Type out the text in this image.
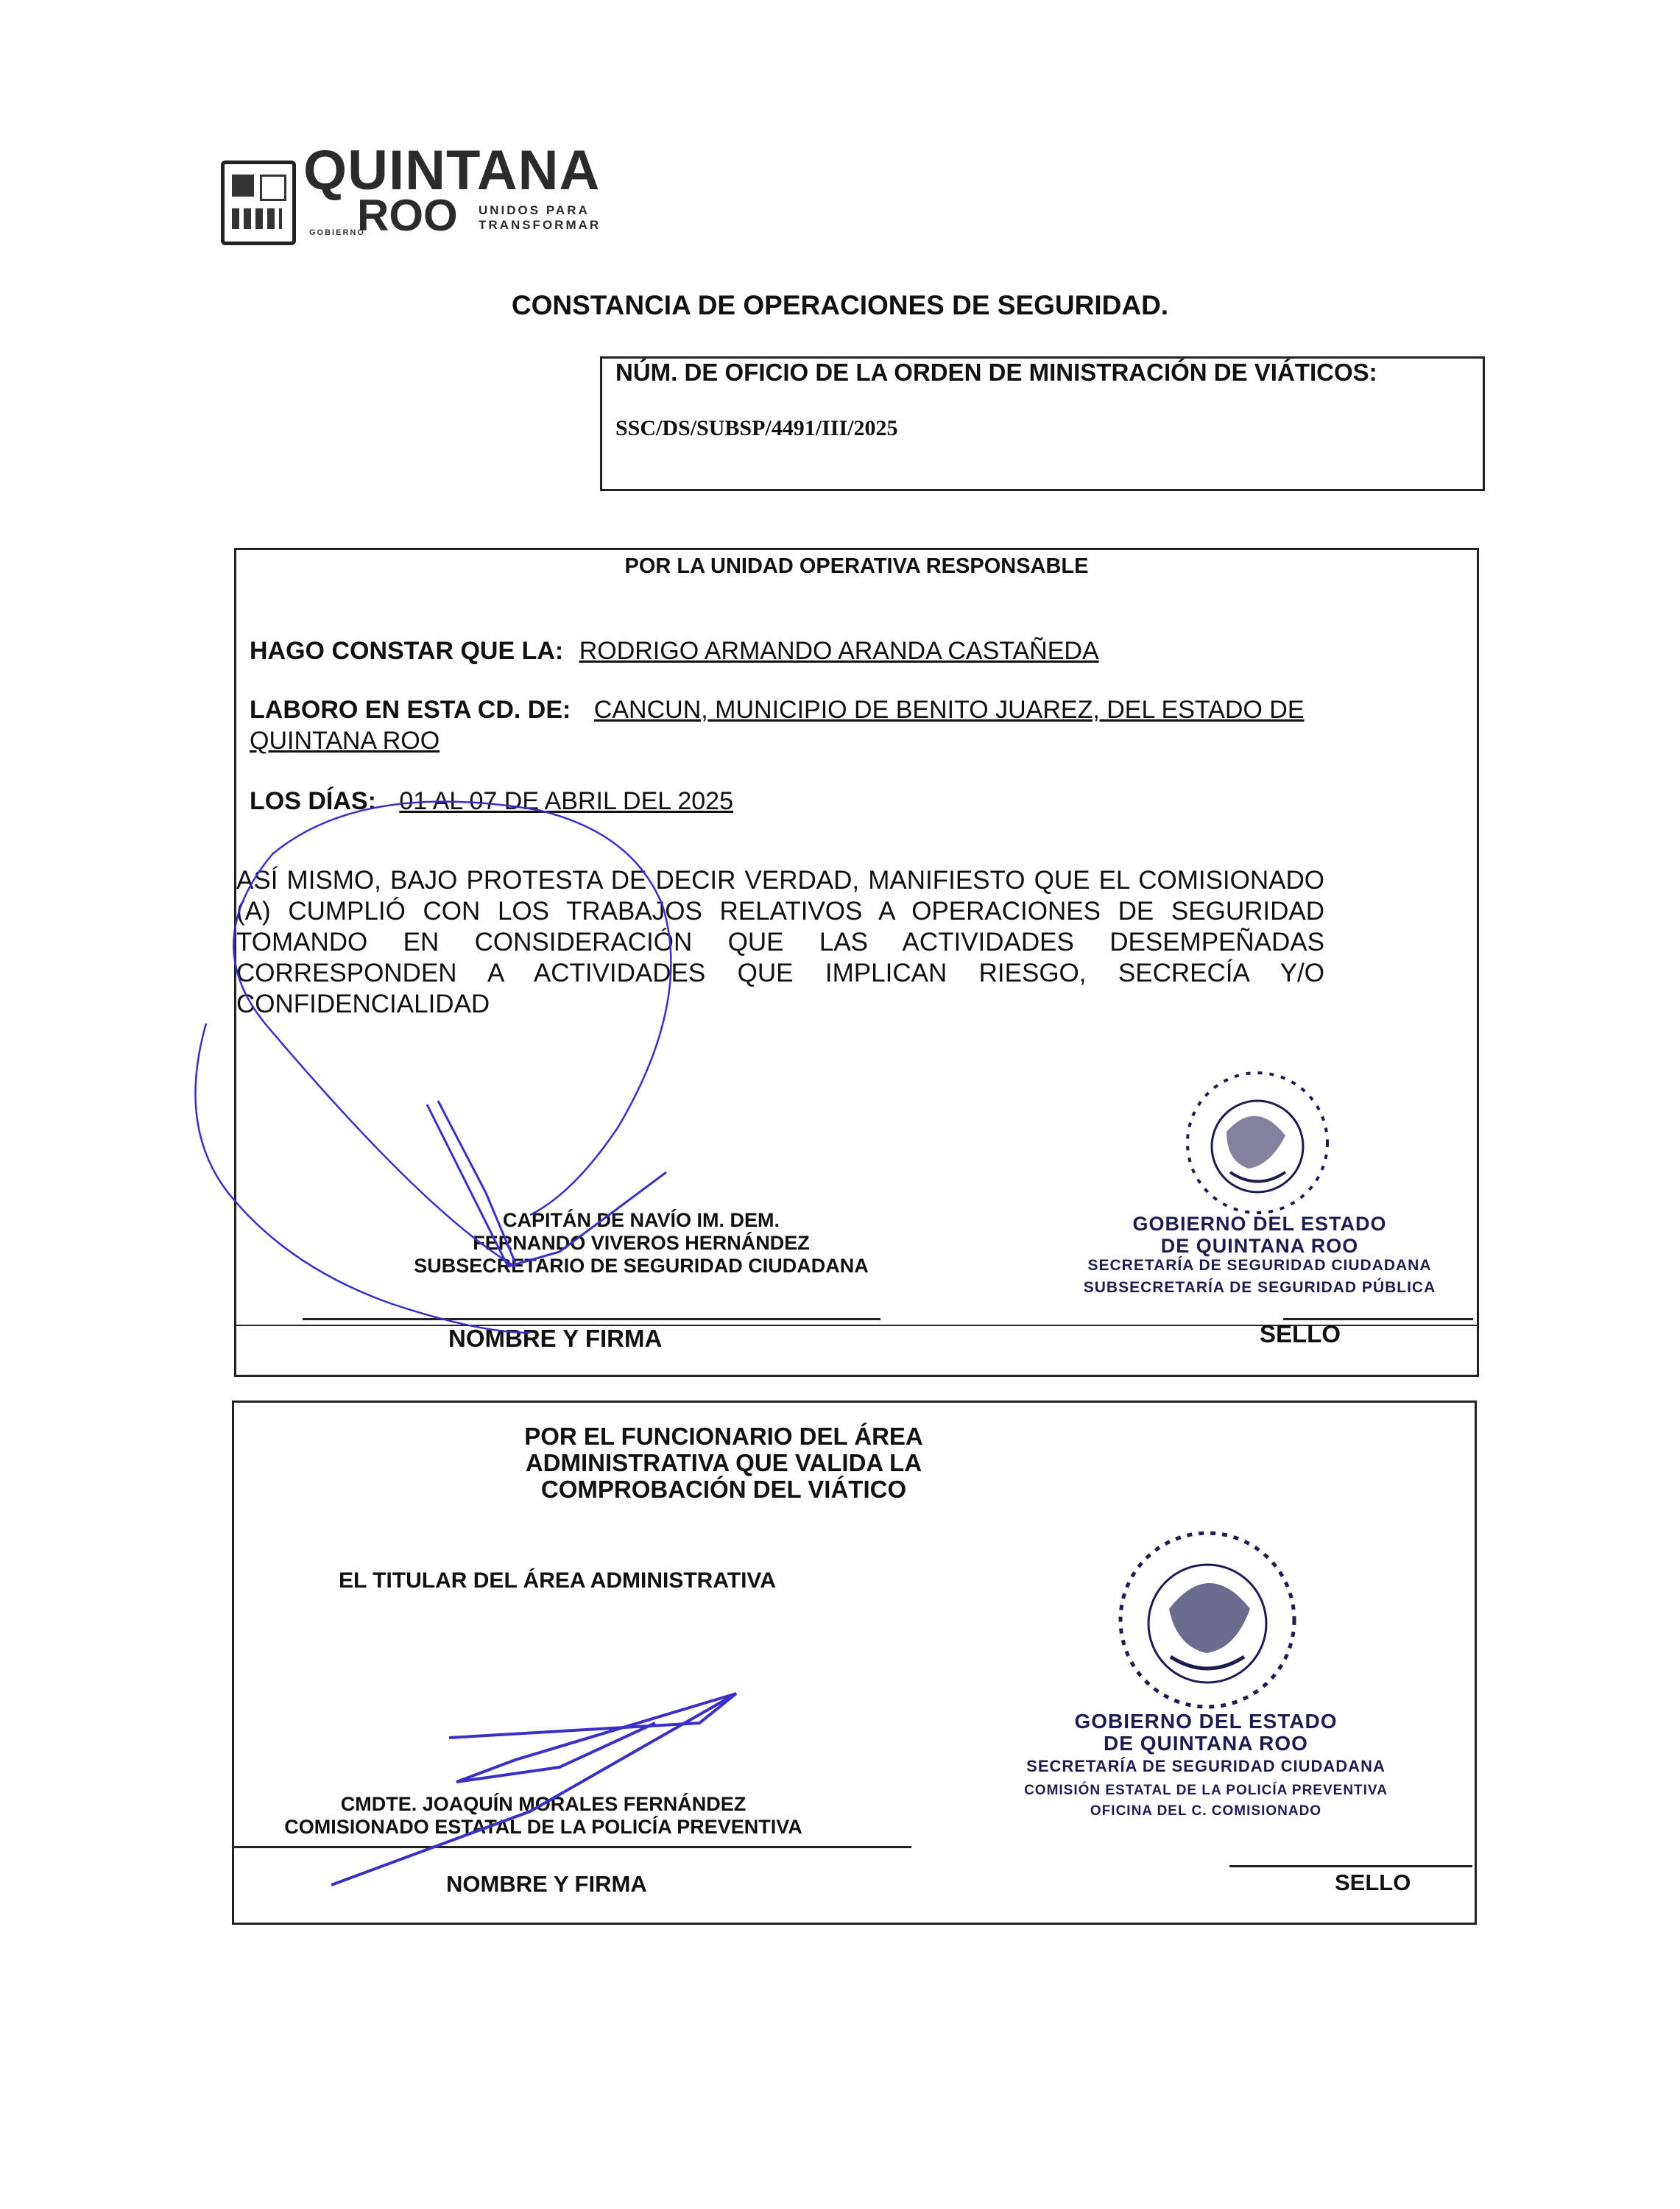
QUINTANA
ROO UNIDOS PARA
TRANSFORMAR
GOBIERNO
CONSTANCIA DE OPERACIONES DE SEGURIDAD.
NÚM. DE OFICIO DE LA ORDEN DE MINISTRACIÓN DE VIÁTICOS:
SSC/DS/SUBSP/4491/III/2025
POR LA UNIDAD OPERATIVA RESPONSABLE
HAGO CONSTAR QUE LA: RODRIGO ARMANDO ARANDA CASTAÑEDA
LABORO EN ESTA CD. DE: CANCUN, MUNICIPIO DE BENITO JUAREZ, DEL ESTADO DE
QUINTANA ROO
LOS DÍAS: 01 AL 07 DE ABRIL DEL 2025
ASÍ MISMO, BAJO PROTESTA DE DECIR VERDAD, MANIFIESTO QUE EL COMISIONADO (A) CUMPLIÓ CON LOS TRABAJOS RELATIVOS A OPERACIONES DE SEGURIDAD TOMANDO EN CONSIDERACIÓN QUE LAS ACTIVIDADES DESEMPEÑADAS CORRESPONDEN A ACTIVIDADES QUE IMPLICAN RIESGO, SECRECÍA Y/O CONFIDENCIALIDAD
CAPITÁN DE NAVÍO IM. DEM.
FERNANDO VIVEROS HERNÁNDEZ
SUBSECRETARIO DE SEGURIDAD CIUDADANA
NOMBRE Y FIRMA	SELLO
GOBIERNO DEL ESTADO
DE QUINTANA ROO
SECRETARÍA DE SEGURIDAD CIUDADANA
SUBSECRETARÍA DE SEGURIDAD PÚBLICA
POR EL FUNCIONARIO DEL ÁREA
ADMINISTRATIVA QUE VALIDA LA
COMPROBACIÓN DEL VIÁTICO
EL TITULAR DEL ÁREA ADMINISTRATIVA
CMDTE. JOAQUÍN MORALES FERNÁNDEZ
COMISIONADO ESTATAL DE LA POLICÍA PREVENTIVA
NOMBRE Y FIRMA	SELLO
GOBIERNO DEL ESTADO
DE QUINTANA ROO
SECRETARÍA DE SEGURIDAD CIUDADANA
COMISIÓN ESTATAL DE LA POLICÍA PREVENTIVA
OFICINA DEL C. COMISIONADO
